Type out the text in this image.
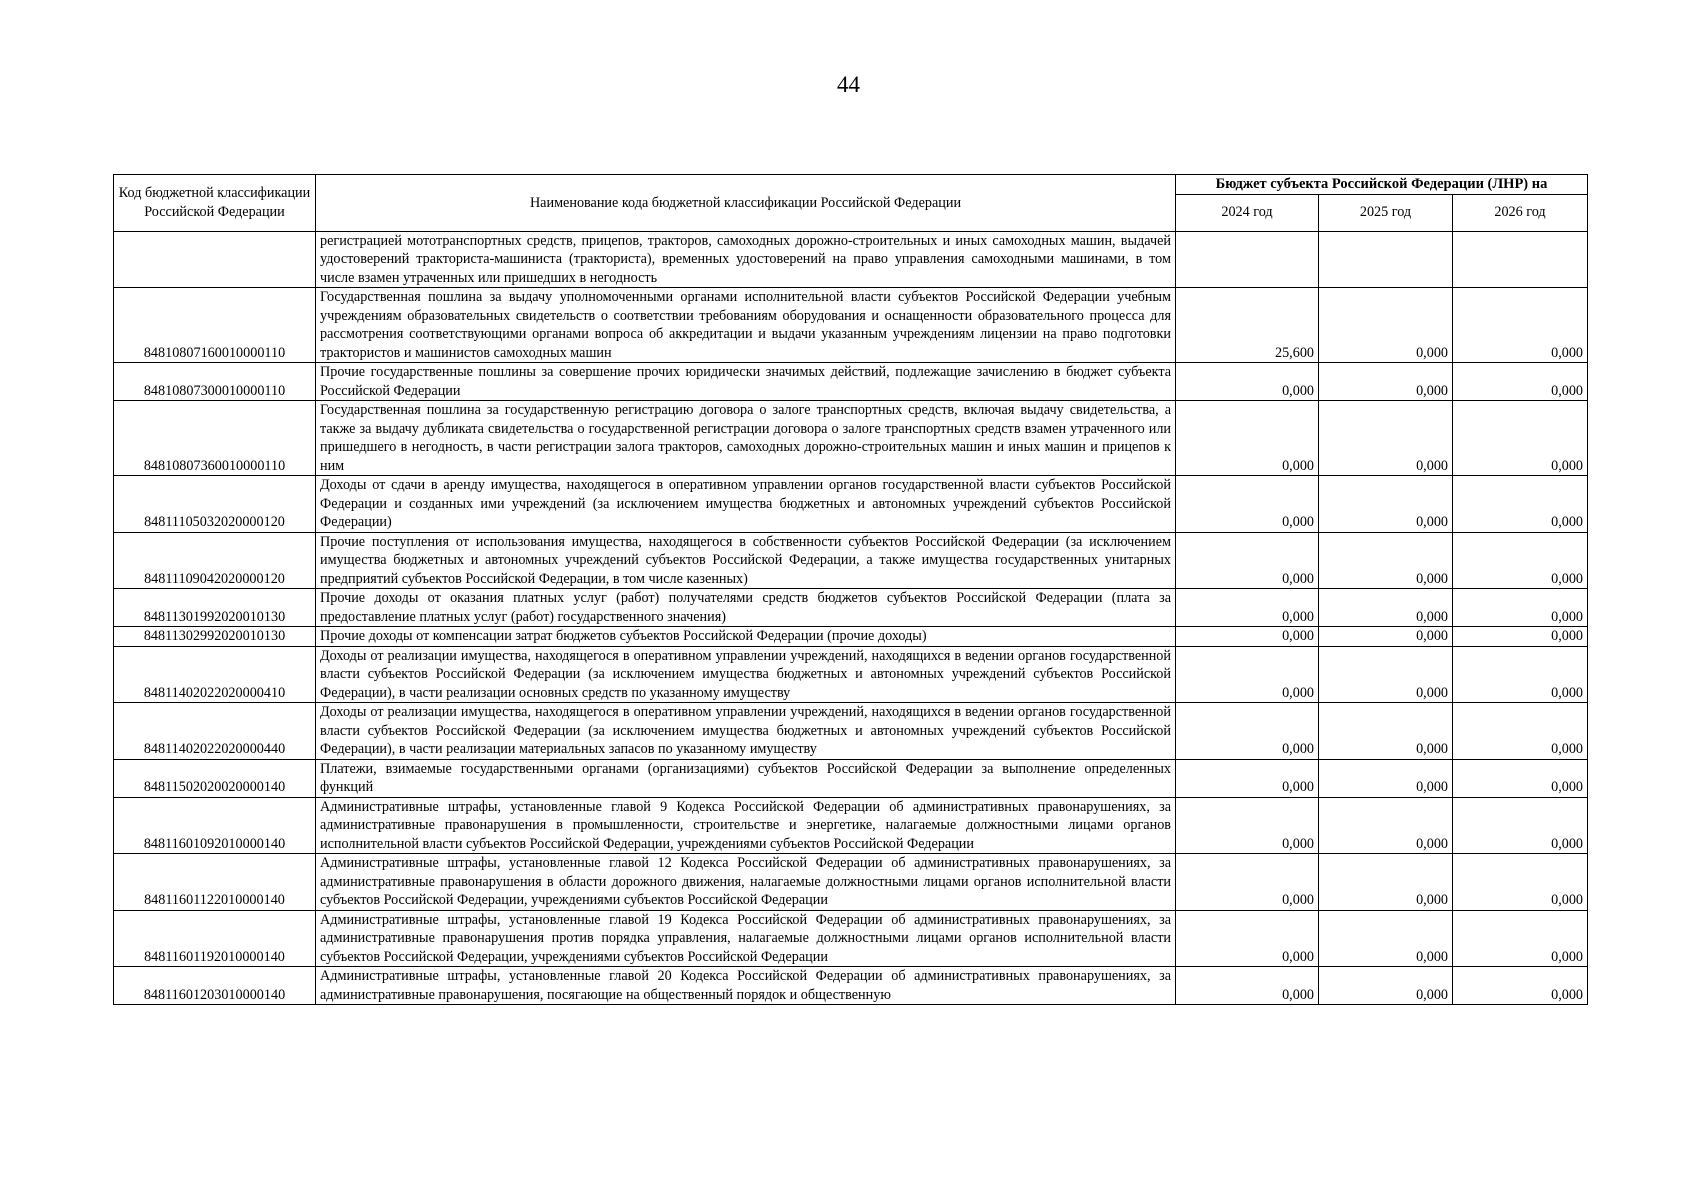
44
Код бюджетной классификации Российской Федерации	Наименование кода бюджетной классификации Российской Федерации	Бюджет субъекта Российской Федерации (ЛНР) на		
		2024 год	2025 год	2026 год
	регистрацией мототранспортных средств, прицепов, тракторов, самоходных дорожно-строительных и иных самоходных машин, выдачей удостоверений тракториста-машиниста (тракториста), временных удостоверений на право управления самоходными машинами, в том числе взамен утраченных или пришедших в негодность			
84810807160010000110	Государственная пошлина за выдачу уполномоченными органами исполнительной власти субъектов Российской Федерации учебным учреждениям образовательных свидетельств о соответствии требованиям оборудования и оснащенности образовательного процесса для рассмотрения соответствующими органами вопроса об аккредитации и выдачи указанным учреждениям лицензии на право подготовки трактористов и машинистов самоходных машин	25,600	0,000	0,000
84810807300010000110	Прочие государственные пошлины за совершение прочих юридически значимых действий, подлежащие зачислению в бюджет субъекта Российской Федерации	0,000	0,000	0,000
84810807360010000110	Государственная пошлина за государственную регистрацию договора о залоге транспортных средств, включая выдачу свидетельства, а также за выдачу дубликата свидетельства о государственной регистрации договора о залоге транспортных средств взамен утраченного или пришедшего в негодность, в части регистрации залога тракторов, самоходных дорожно-строительных машин и иных машин и прицепов к ним	0,000	0,000	0,000
84811105032020000120	Доходы от сдачи в аренду имущества, находящегося в оперативном управлении органов государственной власти субъектов Российской Федерации и созданных ими учреждений (за исключением имущества бюджетных и автономных учреждений субъектов Российской Федерации)	0,000	0,000	0,000
84811109042020000120	Прочие поступления от использования имущества, находящегося в собственности субъектов Российской Федерации (за исключением имущества бюджетных и автономных учреждений субъектов Российской Федерации, а также имущества государственных унитарных предприятий субъектов Российской Федерации, в том числе казенных)	0,000	0,000	0,000
84811301992020010130	Прочие доходы от оказания платных услуг (работ) получателями средств бюджетов субъектов Российской Федерации (плата за предоставление платных услуг (работ) государственного значения)	0,000	0,000	0,000
84811302992020010130	Прочие доходы от компенсации затрат бюджетов субъектов Российской Федерации (прочие доходы)	0,000	0,000	0,000
84811402022020000410	Доходы от реализации имущества, находящегося в оперативном управлении учреждений, находящихся в ведении органов государственной власти субъектов Российской Федерации (за исключением имущества бюджетных и автономных учреждений субъектов Российской Федерации), в части реализации основных средств по указанному имуществу	0,000	0,000	0,000
84811402022020000440	Доходы от реализации имущества, находящегося в оперативном управлении учреждений, находящихся в ведении органов государственной власти субъектов Российской Федерации (за исключением имущества бюджетных и автономных учреждений субъектов Российской Федерации), в части реализации материальных запасов по указанному имуществу	0,000	0,000	0,000
84811502020020000140	Платежи, взимаемые государственными органами (организациями) субъектов Российской Федерации за выполнение определенных функций	0,000	0,000	0,000
84811601092010000140	Административные штрафы, установленные главой 9 Кодекса Российской Федерации об административных правонарушениях, за административные правонарушения в промышленности, строительстве и энергетике, налагаемые должностными лицами органов исполнительной власти субъектов Российской Федерации, учреждениями субъектов Российской Федерации	0,000	0,000	0,000
84811601122010000140	Административные штрафы, установленные главой 12 Кодекса Российской Федерации об административных правонарушениях, за административные правонарушения в области дорожного движения, налагаемые должностными лицами органов исполнительной власти субъектов Российской Федерации, учреждениями субъектов Российской Федерации	0,000	0,000	0,000
84811601192010000140	Административные штрафы, установленные главой 19 Кодекса Российской Федерации об административных правонарушениях, за административные правонарушения против порядка управления, налагаемые должностными лицами органов исполнительной власти субъектов Российской Федерации, учреждениями субъектов Российской Федерации	0,000	0,000	0,000
84811601203010000140	Административные штрафы, установленные главой 20 Кодекса Российской Федерации об административных правонарушениях, за административные правонарушения, посягающие на общественный порядок и общественную	0,000	0,000	0,000
